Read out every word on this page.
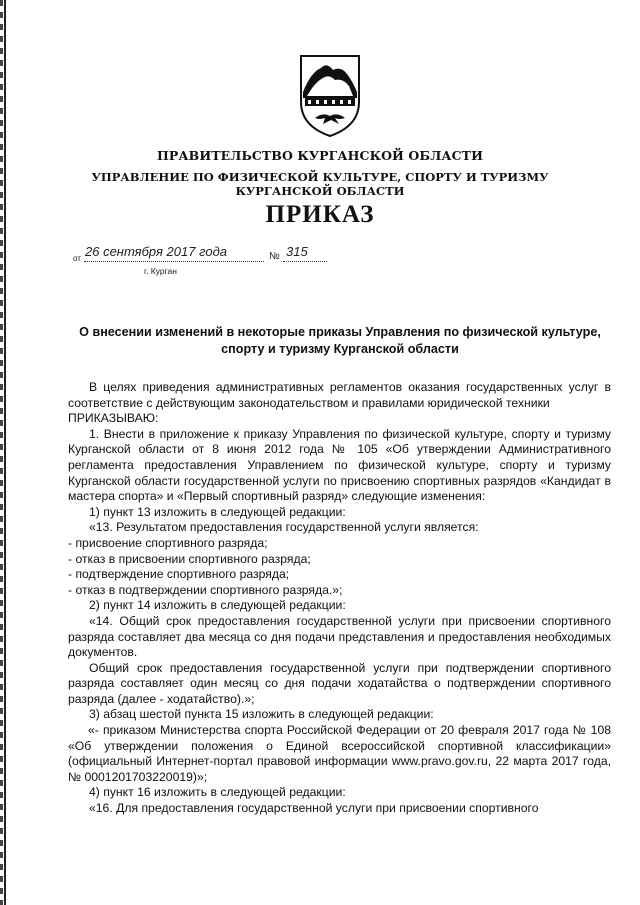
ПРАВИТЕЛЬСТВО КУРГАНСКОЙ ОБЛАСТИ
УПРАВЛЕНИЕ ПО ФИЗИЧЕСКОЙ КУЛЬТУРЕ, СПОРТУ И ТУРИЗМУ
КУРГАНСКОЙ ОБЛАСТИ
ПРИКАЗ
от 26 сентября 2017 года	№ 315
г. Курган
О внесении изменений в некоторые приказы Управления по физической культуре, спорту и туризму Курганской области

В целях приведения административных регламентов оказания государственных услуг в соответствие с действующим законодательством и правилами юридической техники

ПРИКАЗЫВАЮ:

1. Внести в приложение к приказу Управления по физической культуре, спорту и туризму Курганской области от 8 июня 2012 года № 105 «Об утверждении Административного регламента предоставления Управлением по физической культуре, спорту и туризму Курганской области государственной услуги по присвоению спортивных разрядов «Кандидат в мастера спорта» и «Первый спортивный разряд» следующие изменения:

1) пункт 13 изложить в следующей редакции:

«13. Результатом предоставления государственной услуги является:

- присвоение спортивного разряда;

- отказ в присвоении спортивного разряда;

- подтверждение спортивного разряда;

- отказ в подтверждении спортивного разряда.»;

2) пункт 14 изложить в следующей редакции:

«14. Общий срок предоставления государственной услуги при присвоении спортивного разряда составляет два месяца со дня подачи представления и предоставления необходимых документов.

Общий срок предоставления государственной услуги при подтверждении спортивного разряда составляет один месяц со дня подачи ходатайства о подтверждении спортивного разряда (далее - ходатайство).»;

3) абзац шестой пункта 15 изложить в следующей редакции:

«- приказом Министерства спорта Российской Федерации от 20 февраля 2017 года № 108 «Об утверждении положения о Единой всероссийской спортивной классификации» (официальный Интернет-портал правовой информации www.pravo.gov.ru, 22 марта 2017 года, № 0001201703220019)»;

4) пункт 16 изложить в следующей редакции:

«16. Для предоставления государственной услуги при присвоении спортивного
